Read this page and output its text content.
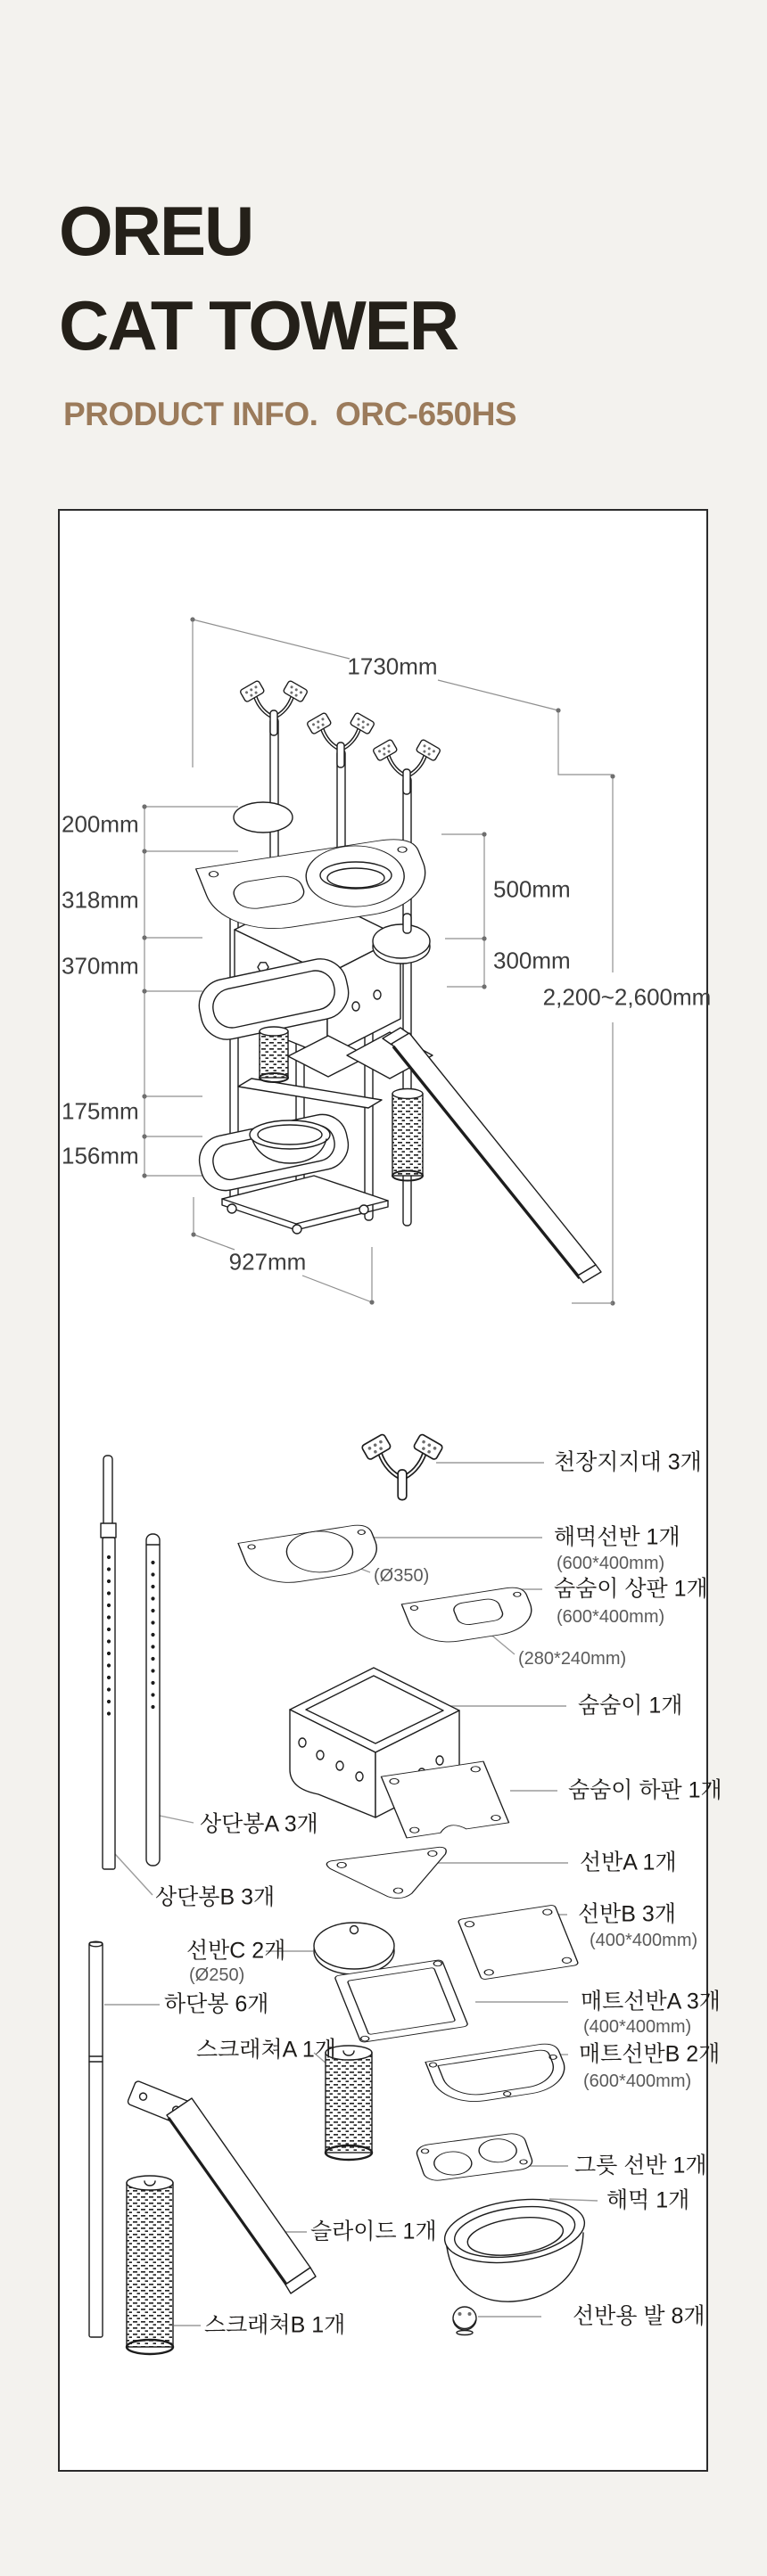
OREU
CAT TOWER
PRODUCT INFO.  ORC-650HS
1730mm
200mm
318mm
370mm
175mm
156mm
500mm
300mm
2,200~2,600mm
927mm
천장지지대 3개
해먹선반 1개
(600*400mm)
(Ø350)
숨숨이 상판 1개
(600*400mm)
(280*240mm)
숨숨이 1개
숨숨이 하판 1개
선반A 1개
선반B 3개
(400*400mm)
매트선반A 3개
(400*400mm)
매트선반B 2개
(600*400mm)
그릇 선반 1개
해먹 1개
선반용 발 8개
상단봉A 3개
상단봉B 3개
선반C 2개
(Ø250)
하단봉 6개
스크래쳐A 1개
슬라이드 1개
스크래쳐B 1개
